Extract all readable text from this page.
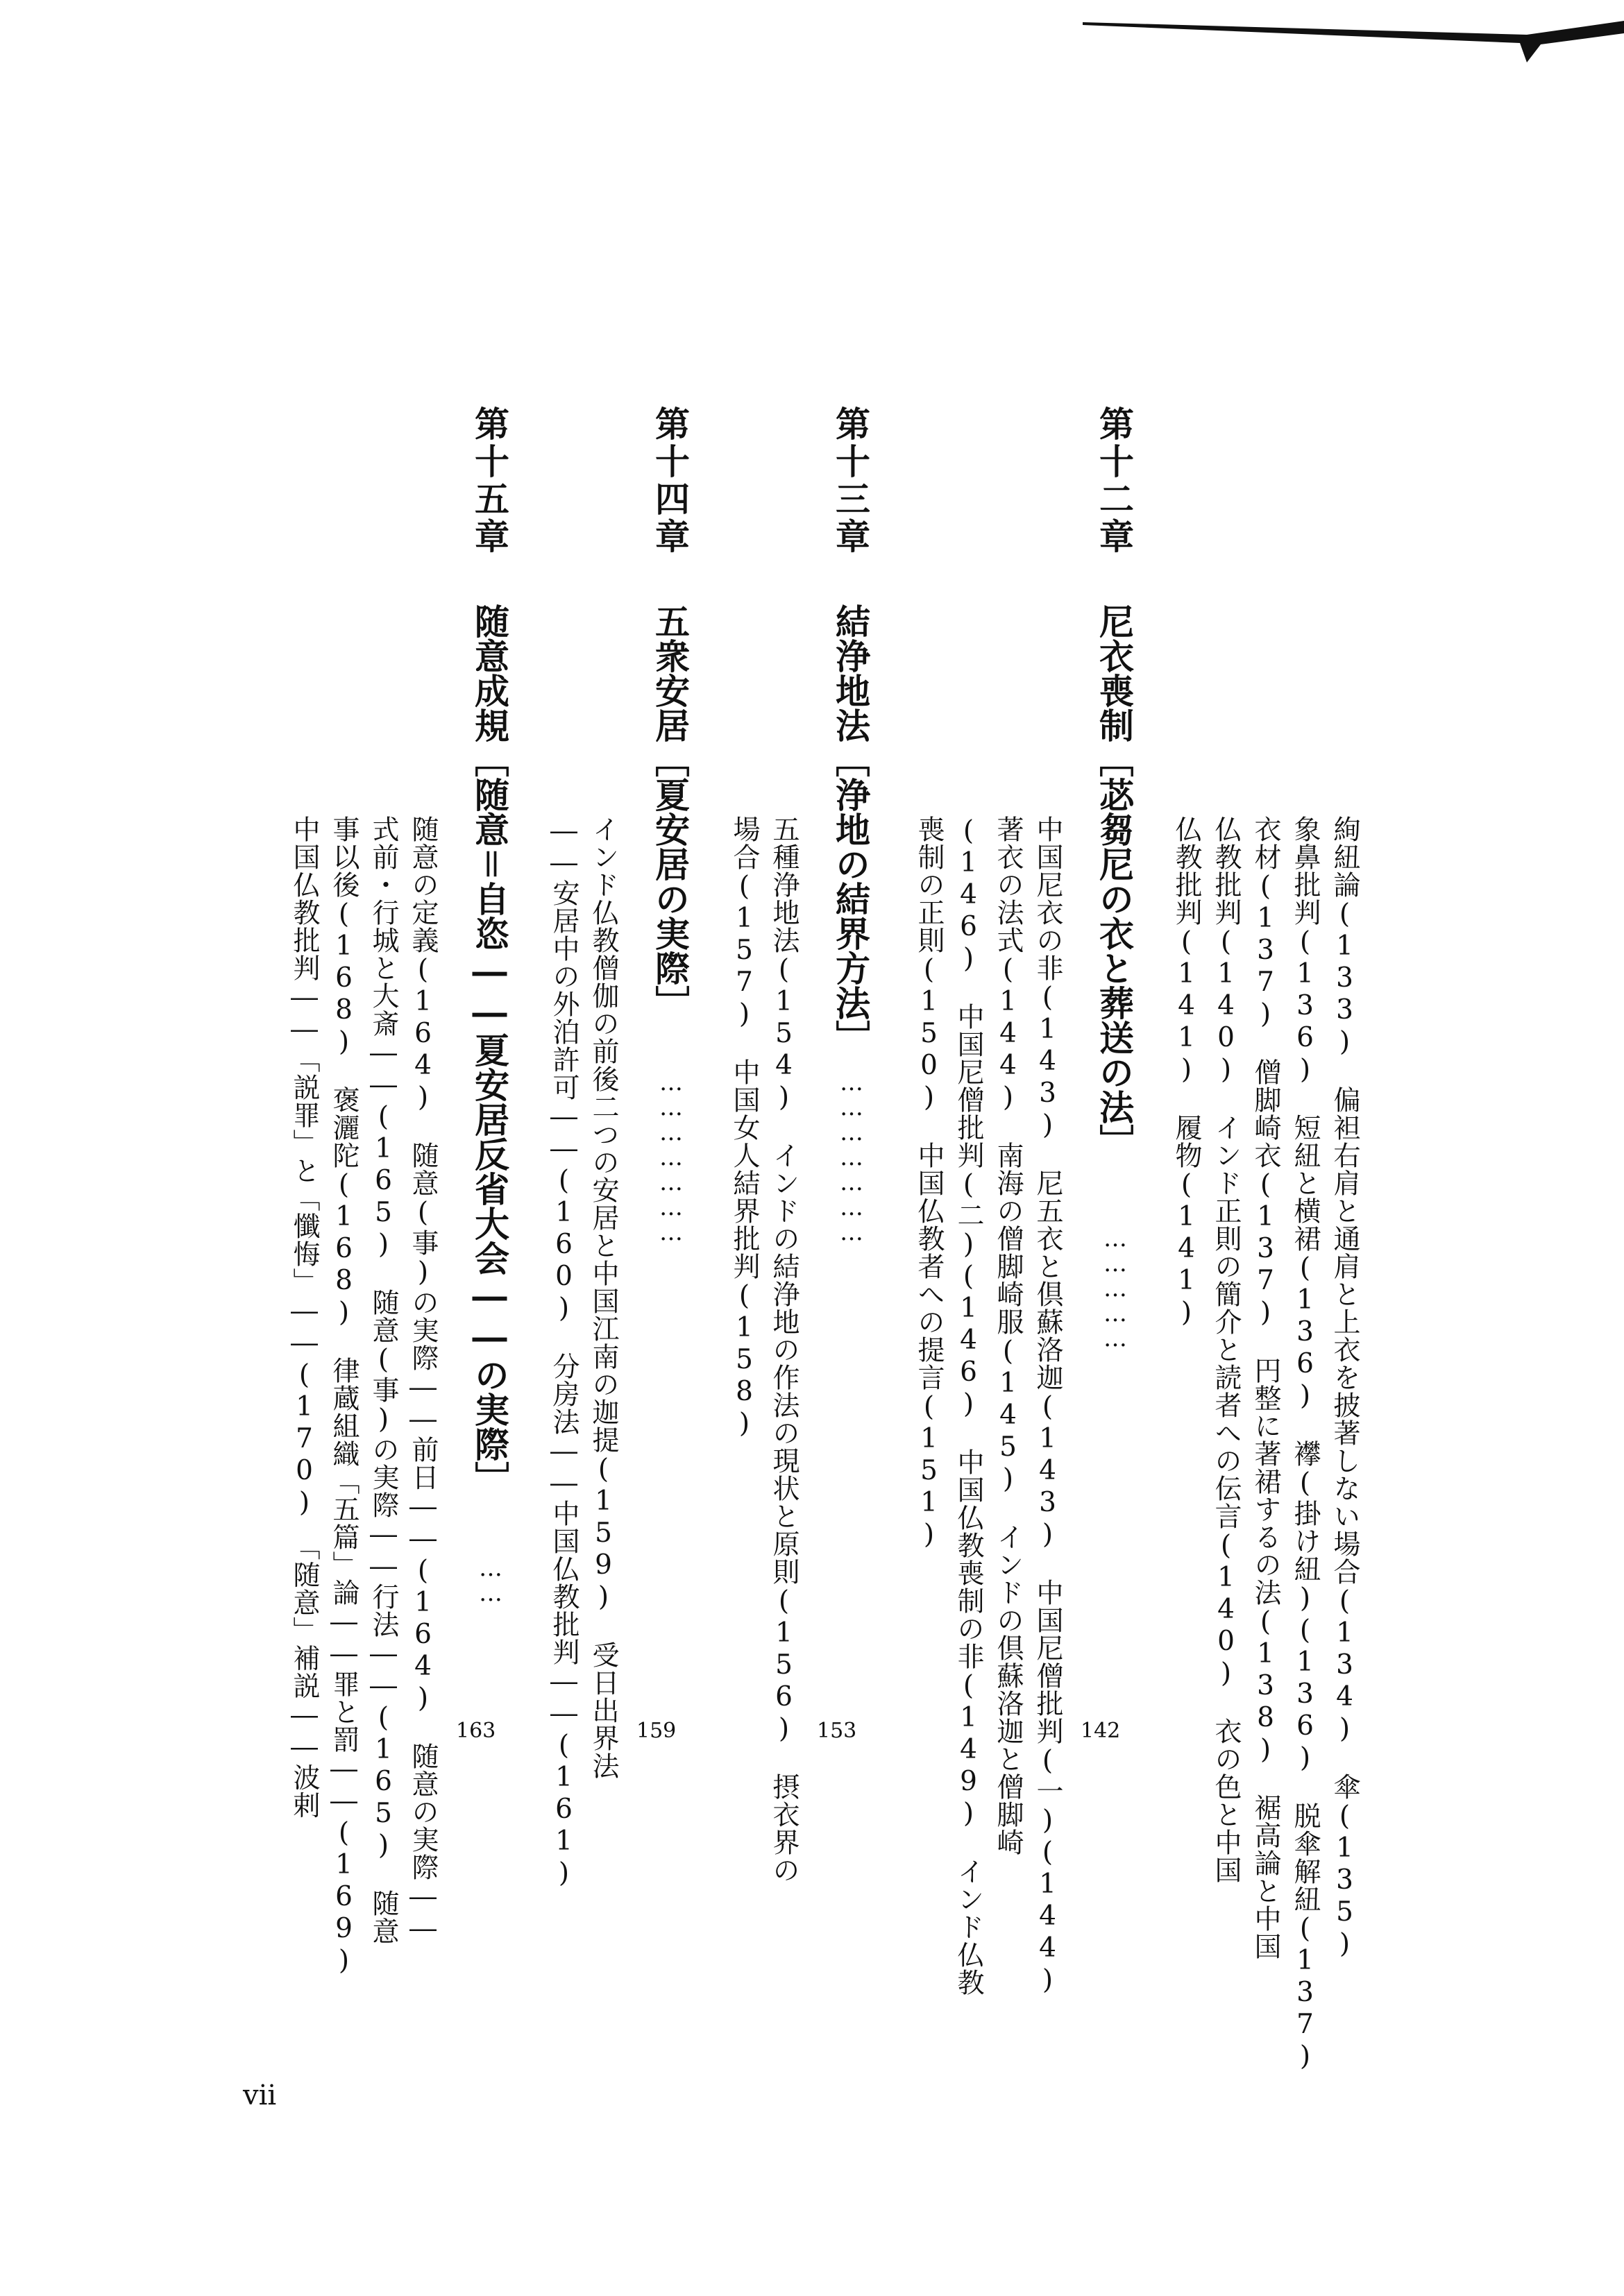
絢紐論(133)　偏袒右肩と通肩と上衣を披著しない場合(134)　傘(135)
象鼻批判(136)　短紐と横裙(136)　襻(掛け紐)(136)　脱傘解紐(137)
衣材(137)　僧脚崎衣(137)　円整に著裙するの法(138)　裾高論と中国
仏教批判(140)　インド正則の簡介と読者への伝言(140)　衣の色と中国
仏教批判(141)　履物(141)
第十二章
尼衣喪制［苾芻尼の衣と葬送の法］
……………
142
中国尼衣の非(143)　尼五衣と倶蘇洛迦(143)　中国尼僧批判(一)(144)
著衣の法式(144)　南海の僧脚崎服(145)　インドの倶蘇洛迦と僧脚崎
(146)　中国尼僧批判(二)(146)　中国仏教喪制の非(149)　インド仏教
喪制の正則(150)　中国仏教者への提言(151)
第十三章
結浄地法［浄地の結界方法］
…………………
153
五種浄地法(154)　インドの結浄地の作法の現状と原則(156)　摂衣界の
場合(157)　中国女人結界批判(158)
第十四章
五衆安居［夏安居の実際］
…………………
159
インド仏教僧伽の前後二つの安居と中国江南の迦提(159)　受日出界法
――安居中の外泊許可――(160)　分房法――中国仏教批判――(161)
第十五章
随意成規［随意＝自恣――夏安居反省大会――の実際］
……
163
随意の定義(164)　随意(事)の実際――前日――(164)　随意の実際――
式前・行城と大斎――(165)　随意(事)の実際――行法――(165)　随意
事以後(168)　褒灑陀(168)　律蔵組織「五篇」論――罪と罰――(169)
中国仏教批判――「説罪」と「懺悔」――(170)　「随意」補説――波剌
vii
